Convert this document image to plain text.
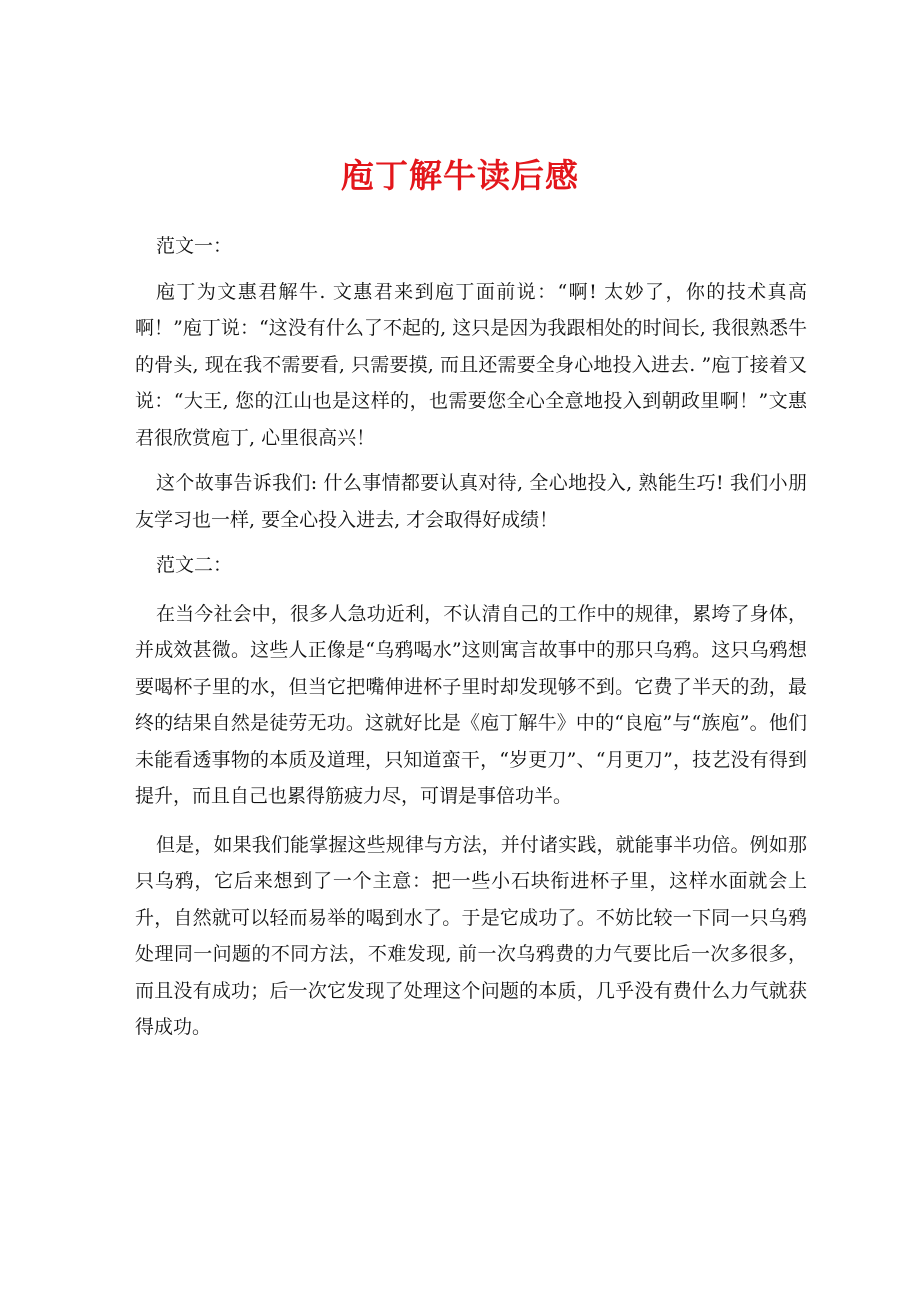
庖丁解牛读后感

范文一：

庖丁为文惠君解牛. 文惠君来到庖丁面前说：“啊! 太妙了，你的技术真高啊！”庖丁说：“这没有什么了不起的, 这只是因为我跟相处的时间长, 我很熟悉牛的骨头, 现在我不需要看, 只需要摸, 而且还需要全身心地投入进去. ”庖丁接着又说：“大王, 您的江山也是这样的，也需要您全心全意地投入到朝政里啊！”文惠君很欣赏庖丁, 心里很高兴！

这个故事告诉我们: 什么事情都要认真对待, 全心地投入, 熟能生巧! 我们小朋友学习也一样, 要全心投入进去, 才会取得好成绩！

范文二：

在当今社会中，很多人急功近利，不认清自己的工作中的规律，累垮了身体，并成效甚微。这些人正像是“乌鸦喝水”这则寓言故事中的那只乌鸦。这只乌鸦想要喝杯子里的水，但当它把嘴伸进杯子里时却发现够不到。它费了半天的劲，最终的结果自然是徒劳无功。这就好比是《庖丁解牛》中的“良庖”与“族庖”。他们未能看透事物的本质及道理，只知道蛮干，“岁更刀”、“月更刀”，技艺没有得到提升，而且自己也累得筋疲力尽，可谓是事倍功半。

但是，如果我们能掌握这些规律与方法，并付诸实践，就能事半功倍。例如那只乌鸦，它后来想到了一个主意：把一些小石块衔进杯子里，这样水面就会上升，自然就可以轻而易举的喝到水了。于是它成功了。不妨比较一下同一只乌鸦处理同一问题的不同方法，不难发现, 前一次乌鸦费的力气要比后一次多很多，而且没有成功；后一次它发现了处理这个问题的本质，几乎没有费什么力气就获得成功。
